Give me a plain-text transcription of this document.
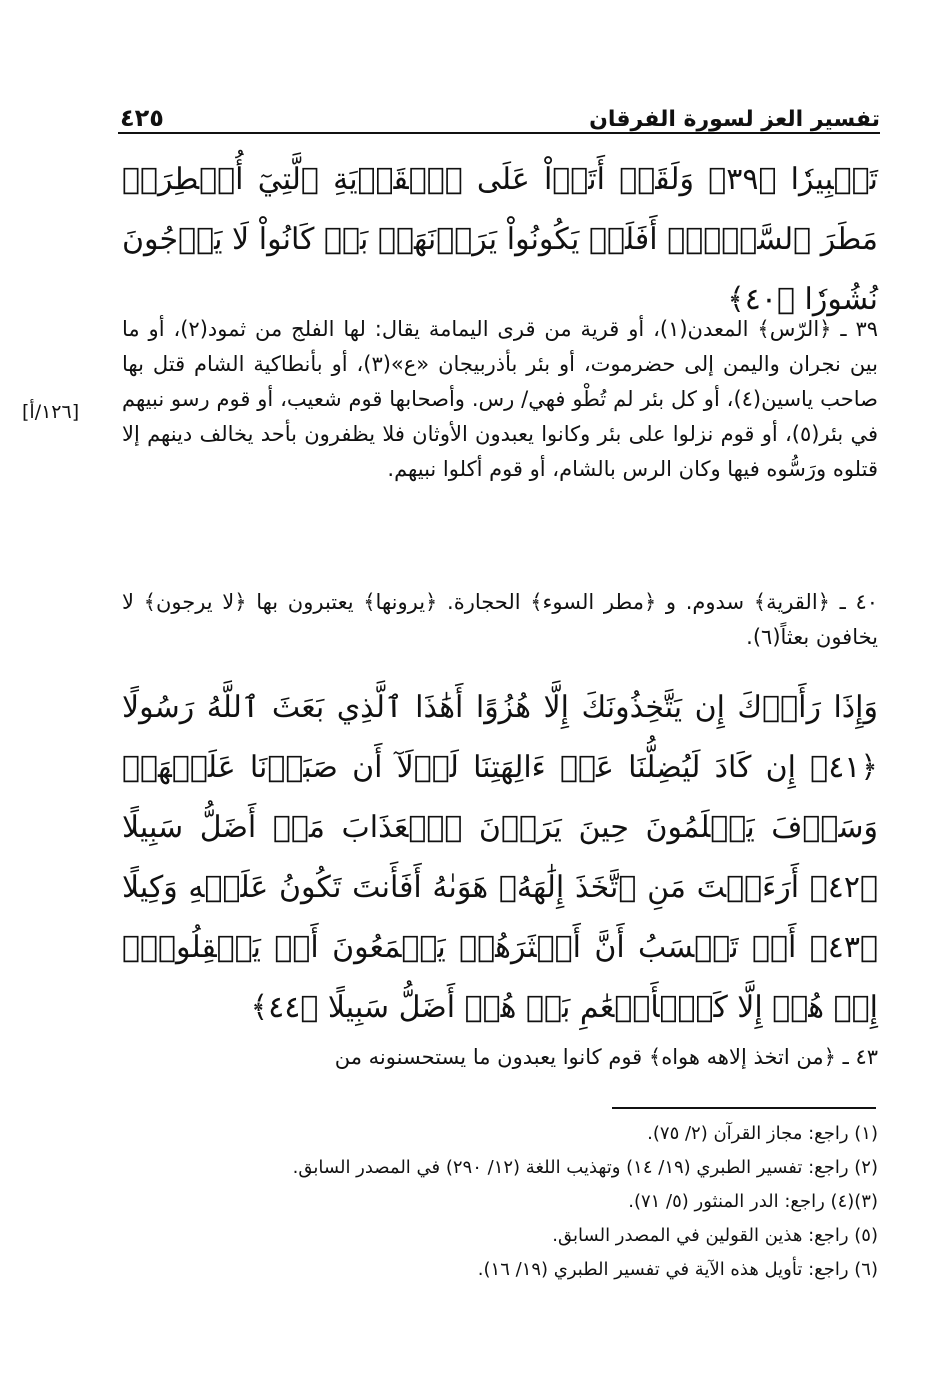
تفسير العز لسورة الفرقان
٤٢٥

تَنۡبِيرٗا ﴿٣٩﴾ وَلَقَدۡ أَتَوۡاْ عَلَى ٱلۡقَرۡيَةِ ٱلَّتِيٓ أُمۡطِرَتۡ مَطَرَ ٱلسَّوۡءِۚ أَفَلَمۡ يَكُونُواْ يَرَوۡنَهَاۚ بَلۡ كَانُواْ لَا يَرۡجُونَ نُشُورٗا ﴿٤٠﴾

٣٩ ـ ﴿الرّس﴾ المعدن(١)، أو قرية من قرى اليمامة يقال: لها الفلج من ثمود(٢)، أو ما بين نجران واليمن إلى حضرموت، أو بئر بأذربيجان «ع»(٣)، أو بأنطاكية الشام قتل بها صاحب ياسين(٤)، أو كل بئر لم تُطْو فهي/ رس. وأصحابها قوم شعيب، أو قوم رسو نبيهم في بئر(٥)، أو قوم نزلوا على بئر وكانوا يعبدون الأوثان فلا يظفرون بأحد يخالف دينهم إلا قتلوه ورَسُّوه فيها وكان الرس بالشام، أو قوم أكلوا نبيهم.

[١٢٦/أ]

٤٠ ـ ﴿القرية﴾ سدوم. و ﴿مطر السوء﴾ الحجارة. ﴿يرونها﴾ يعتبرون بها ﴿لا يرجون﴾ لا يخافون بعثاً(٦).

وَإِذَا رَأَوۡكَ إِن يَتَّخِذُونَكَ إِلَّا هُزُوًا أَهَٰذَا ٱلَّذِي بَعَثَ ٱللَّهُ رَسُولًا ﴿٤١﴾ إِن كَادَ لَيُضِلُّنَا عَنۡ ءَالِهَتِنَا لَوۡلَآ أَن صَبَرۡنَا عَلَيۡهَاۚ وَسَوۡفَ يَعۡلَمُونَ حِينَ يَرَوۡنَ ٱلۡعَذَابَ مَنۡ أَضَلُّ سَبِيلًا ﴿٤٢﴾ أَرَءَيۡتَ مَنِ ٱتَّخَذَ إِلَٰهَهُۥ هَوَىٰهُ أَفَأَنتَ تَكُونُ عَلَيۡهِ وَكِيلًا ﴿٤٣﴾ أَمۡ تَحۡسَبُ أَنَّ أَكۡثَرَهُمۡ يَسۡمَعُونَ أَوۡ يَعۡقِلُونَۚ إِنۡ هُمۡ إِلَّا كَٱلۡأَنۡعَٰمِ بَلۡ هُمۡ أَضَلُّ سَبِيلًا ﴿٤٤﴾

٤٣ ـ ﴿من اتخذ إلاهه هواه﴾ قوم كانوا يعبدون ما يستحسنونه من

(١) راجع: مجاز القرآن (٢/ ٧٥).
(٢) راجع: تفسير الطبري (١٩/ ١٤) وتهذيب اللغة (١٢/ ٢٩٠) في المصدر السابق.
(٣)(٤) راجع: الدر المنثور (٥/ ٧١).
(٥) راجع: هذين القولين في المصدر السابق.
(٦) راجع: تأويل هذه الآية في تفسير الطبري (١٩/ ١٦).
